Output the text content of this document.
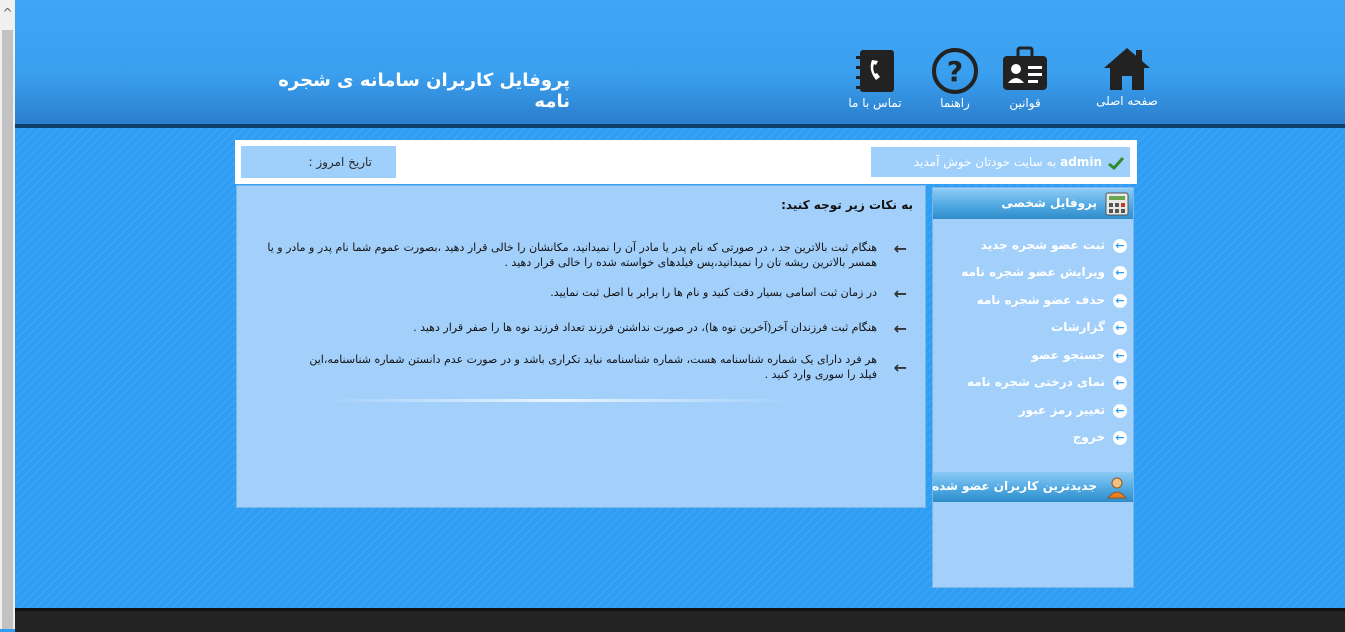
^
پروفایل کاربران سامانه ی شجره نامه	صفحه اصلی
قوانین
?
راهنما
تماس با ما
admin به سایت خودتان خوش آمدید
تاریخ امروز :
به نکات زیر توجه کنید:
←
هنگام ثبت بالاترین جد ، در صورتی که نام پدر یا مادر آن را نمیدانید، مکانشان را خالی قرار دهید ،بصورت عموم شما نام پدر و مادر و یا همسر بالاترین ریشه تان را نمیدانید،پس فیلدهای خواسته شده را خالی قرار دهید .
←
در زمان ثبت اسامی بسیار دقت کنید و نام ها را برابر با اصل ثبت نمایید.
←
هنگام ثبت فرزندان آخر(آخرین نوه ها)، در صورت نداشتن فرزند تعداد فرزند نوه ها را صفر قرار دهید .
←
هر فرد دارای یک شماره شناسنامه هست، شماره شناسنامه نباید تکراری باشد و در صورت عدم دانستن شماره شناسنامه،این فیلد را سوری وارد کنید .
پروفایل شخصی
←ثبت عضو شجره جدید
←ویرایش عضو شجره نامه
←حذف عضو شجره نامه
←گزارشات
←جستجو عضو
←نمای درختی شجره نامه
←تغییر رمز عبور
←خروج
جدیدترین کاربران عضو شده
